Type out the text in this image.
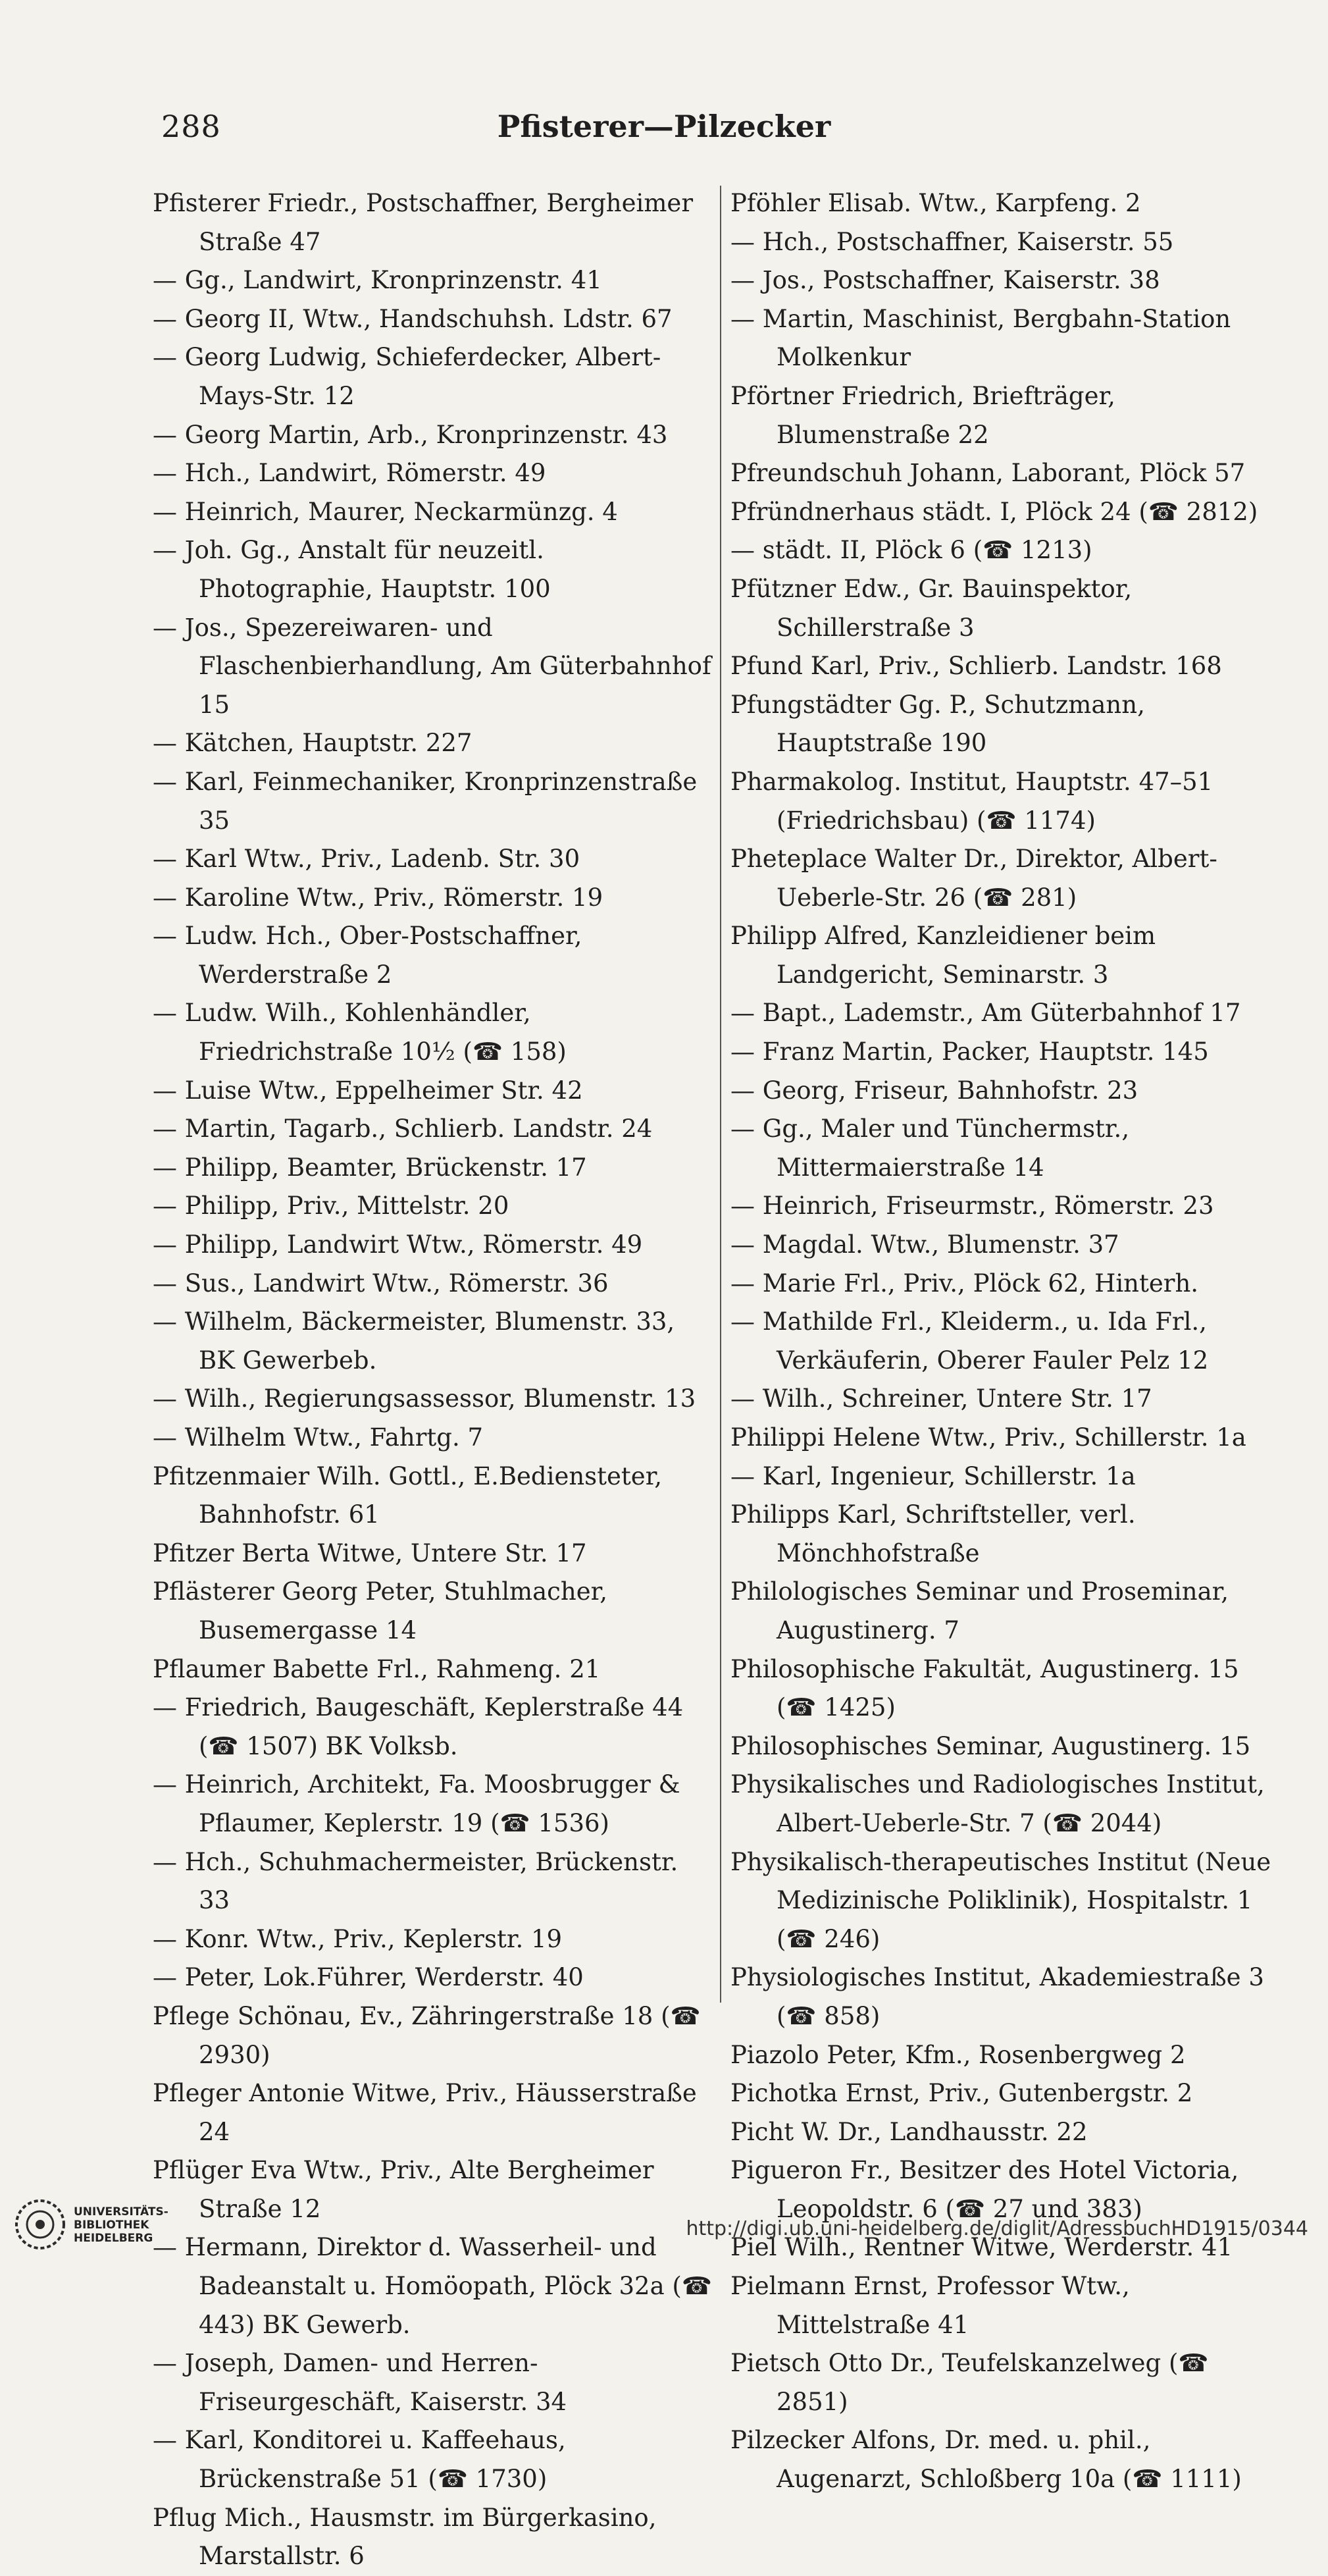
Pfisterer—Pilzecker
288
Pfisterer Friedr., Postschaffner, Bergheimer Straße 47
— Gg., Landwirt, Kronprinzenstr. 41
— Georg II, Wtw., Handschuhsh. Ldstr. 67
— Georg Ludwig, Schieferdecker, Albert-Mays-Str. 12
— Georg Martin, Arb., Kronprinzenstr. 43
— Hch., Landwirt, Römerstr. 49
— Heinrich, Maurer, Neckarmünzg. 4
— Joh. Gg., Anstalt für neuzeitl. Photographie, Hauptstr. 100
— Jos., Spezereiwaren- und Flaschenbierhandlung, Am Güterbahnhof 15
— Kätchen, Hauptstr. 227
— Karl, Feinmechaniker, Kronprinzenstraße 35
— Karl Wtw., Priv., Ladenb. Str. 30
— Karoline Wtw., Priv., Römerstr. 19
— Ludw. Hch., Ober-Postschaffner, Werderstraße 2
— Ludw. Wilh., Kohlenhändler, Friedrichstraße 10½ (☎ 158)
— Luise Wtw., Eppelheimer Str. 42
— Martin, Tagarb., Schlierb. Landstr. 24
— Philipp, Beamter, Brückenstr. 17
— Philipp, Priv., Mittelstr. 20
— Philipp, Landwirt Wtw., Römerstr. 49
— Sus., Landwirt Wtw., Römerstr. 36
— Wilhelm, Bäckermeister, Blumenstr. 33, BK Gewerbeb.
— Wilh., Regierungsassessor, Blumenstr. 13
— Wilhelm Wtw., Fahrtg. 7
Pfitzenmaier Wilh. Gottl., E.Bediensteter, Bahnhofstr. 61
Pfitzer Berta Witwe, Untere Str. 17
Pflästerer Georg Peter, Stuhlmacher, Busemergasse 14
Pflaumer Babette Frl., Rahmeng. 21
— Friedrich, Baugeschäft, Keplerstraße 44 (☎ 1507) BK Volksb.
— Heinrich, Architekt, Fa. Moosbrugger & Pflaumer, Keplerstr. 19 (☎ 1536)
— Hch., Schuhmachermeister, Brückenstr. 33
— Konr. Wtw., Priv., Keplerstr. 19
— Peter, Lok.Führer, Werderstr. 40
Pflege Schönau, Ev., Zähringerstraße 18 (☎ 2930)
Pfleger Antonie Witwe, Priv., Häusserstraße 24
Pflüger Eva Wtw., Priv., Alte Bergheimer Straße 12
— Hermann, Direktor d. Wasserheil- und Badeanstalt u. Homöopath, Plöck 32a (☎ 443) BK Gewerb.
— Joseph, Damen- und Herren-Friseurgeschäft, Kaiserstr. 34
— Karl, Konditorei u. Kaffeehaus, Brückenstraße 51 (☎ 1730)
Pflug Mich., Hausmstr. im Bürgerkasino, Marstallstr. 6
Pföhler Elisab. Wtw., Karpfeng. 2
— Hch., Postschaffner, Kaiserstr. 55
— Jos., Postschaffner, Kaiserstr. 38
— Martin, Maschinist, Bergbahn-Station Molkenkur
Pförtner Friedrich, Briefträger, Blumenstraße 22
Pfreundschuh Johann, Laborant, Plöck 57
Pfründnerhaus städt. I, Plöck 24 (☎ 2812)
— städt. II, Plöck 6 (☎ 1213)
Pfützner Edw., Gr. Bauinspektor, Schillerstraße 3
Pfund Karl, Priv., Schlierb. Landstr. 168
Pfungstädter Gg. P., Schutzmann, Hauptstraße 190
Pharmakolog. Institut, Hauptstr. 47–51 (Friedrichsbau) (☎ 1174)
Pheteplace Walter Dr., Direktor, Albert-Ueberle-Str. 26 (☎ 281)
Philipp Alfred, Kanzleidiener beim Landgericht, Seminarstr. 3
— Bapt., Lademstr., Am Güterbahnhof 17
— Franz Martin, Packer, Hauptstr. 145
— Georg, Friseur, Bahnhofstr. 23
— Gg., Maler und Tünchermstr., Mittermaierstraße 14
— Heinrich, Friseurmstr., Römerstr. 23
— Magdal. Wtw., Blumenstr. 37
— Marie Frl., Priv., Plöck 62, Hinterh.
— Mathilde Frl., Kleiderm., u. Ida Frl., Verkäuferin, Oberer Fauler Pelz 12
— Wilh., Schreiner, Untere Str. 17
Philippi Helene Wtw., Priv., Schillerstr. 1a
— Karl, Ingenieur, Schillerstr. 1a
Philipps Karl, Schriftsteller, verl. Mönchhofstraße
Philologisches Seminar und Proseminar, Augustinerg. 7
Philosophische Fakultät, Augustinerg. 15 (☎ 1425)
Philosophisches Seminar, Augustinerg. 15
Physikalisches und Radiologisches Institut, Albert-Ueberle-Str. 7 (☎ 2044)
Physikalisch-therapeutisches Institut (Neue Medizinische Poliklinik), Hospitalstr. 1 (☎ 246)
Physiologisches Institut, Akademiestraße 3 (☎ 858)
Piazolo Peter, Kfm., Rosenbergweg 2
Pichotka Ernst, Priv., Gutenbergstr. 2
Picht W. Dr., Landhausstr. 22
Pigueron Fr., Besitzer des Hotel Victoria, Leopoldstr. 6 (☎ 27 und 383)
Piel Wilh., Rentner Witwe, Werderstr. 41
Pielmann Ernst, Professor Wtw., Mittelstraße 41
Pietsch Otto Dr., Teufelskanzelweg (☎ 2851)
Pilzecker Alfons, Dr. med. u. phil., Augenarzt, Schloßberg 10a (☎ 1111)
UNIVERSITÄTS-
BIBLIOTHEK
HEIDELBERG	http://digi.ub.uni-heidelberg.de/diglit/AdressbuchHD1915/0344
